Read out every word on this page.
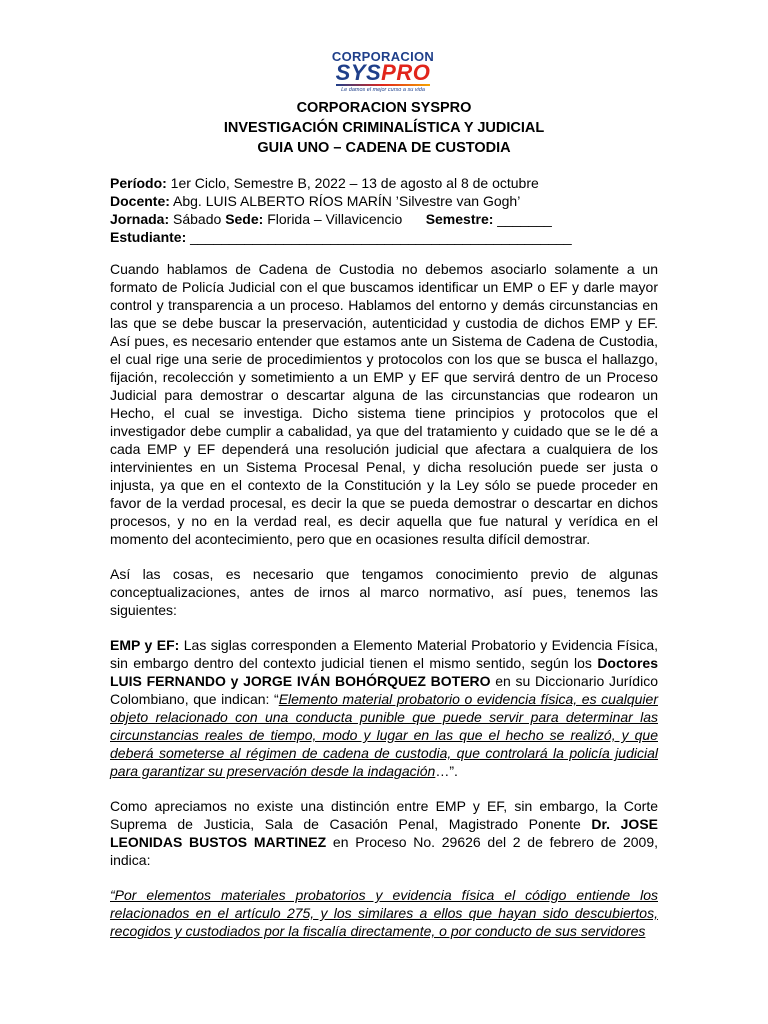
CORPORACION
SYSPRO
Le damos el mejor curso a su vida
CORPORACION SYSPRO
INVESTIGACIÓN CRIMINALÍSTICA Y JUDICIAL
GUIA UNO – CADENA DE CUSTODIA
Período: 1er Ciclo, Semestre B, 2022 – 13 de agosto al 8 de octubre
Docente: Abg. LUIS ALBERTO RÍOS MARÍN ’Silvestre van Gogh’
Jornada: Sábado Sede: Florida – Villavicencio      Semestre: _______
Estudiante: _________________________________________________

Cuando hablamos de Cadena de Custodia no debemos asociarlo solamente a un formato de Policía Judicial con el que buscamos identificar un EMP o EF y darle mayor control y transparencia a un proceso. Hablamos del entorno y demás circunstancias en las que se debe buscar la preservación, autenticidad y custodia de dichos EMP y EF. Así pues, es necesario entender que estamos ante un Sistema de Cadena de Custodia, el cual rige una serie de procedimientos y protocolos con los que se busca el hallazgo, fijación, recolección y sometimiento a un EMP y EF que servirá dentro de un Proceso Judicial para demostrar o descartar alguna de las circunstancias que rodearon un Hecho, el cual se investiga. Dicho sistema tiene principios y protocolos que el investigador debe cumplir a cabalidad, ya que del tratamiento y cuidado que se le dé a cada EMP y EF dependerá una resolución judicial que afectara a cualquiera de los intervinientes en un Sistema Procesal Penal, y dicha resolución puede ser justa o injusta, ya que en el contexto de la Constitución y la Ley sólo se puede proceder en favor de la verdad procesal, es decir la que se pueda demostrar o descartar en dichos procesos, y no en la verdad real, es decir aquella que fue natural y verídica en el momento del acontecimiento, pero que en ocasiones resulta difícil demostrar.

Así las cosas, es necesario que tengamos conocimiento previo de algunas conceptualizaciones, antes de irnos al marco normativo, así pues, tenemos las siguientes:

EMP y EF: Las siglas corresponden a Elemento Material Probatorio y Evidencia Física, sin embargo dentro del contexto judicial tienen el mismo sentido, según los Doctores LUIS FERNANDO y JORGE IVÁN BOHÓRQUEZ BOTERO en su Diccionario Jurídico Colombiano, que indican: “Elemento material probatorio o evidencia física, es cualquier objeto relacionado con una conducta punible que puede servir para determinar las circunstancias reales de tiempo, modo y lugar en las que el hecho se realizó, y que deberá someterse al régimen de cadena de custodia, que controlará la policía judicial para garantizar su preservación desde la indagación…”.

Como apreciamos no existe una distinción entre EMP y EF, sin embargo, la Corte Suprema de Justicia, Sala de Casación Penal, Magistrado Ponente Dr. JOSE LEONIDAS BUSTOS MARTINEZ en Proceso No. 29626 del 2 de febrero de 2009, indica:

“Por elementos materiales probatorios y evidencia física el código entiende los relacionados en el artículo 275, y los similares a ellos que hayan sido descubiertos, recogidos y custodiados por la fiscalía directamente, o por conducto de sus servidores
